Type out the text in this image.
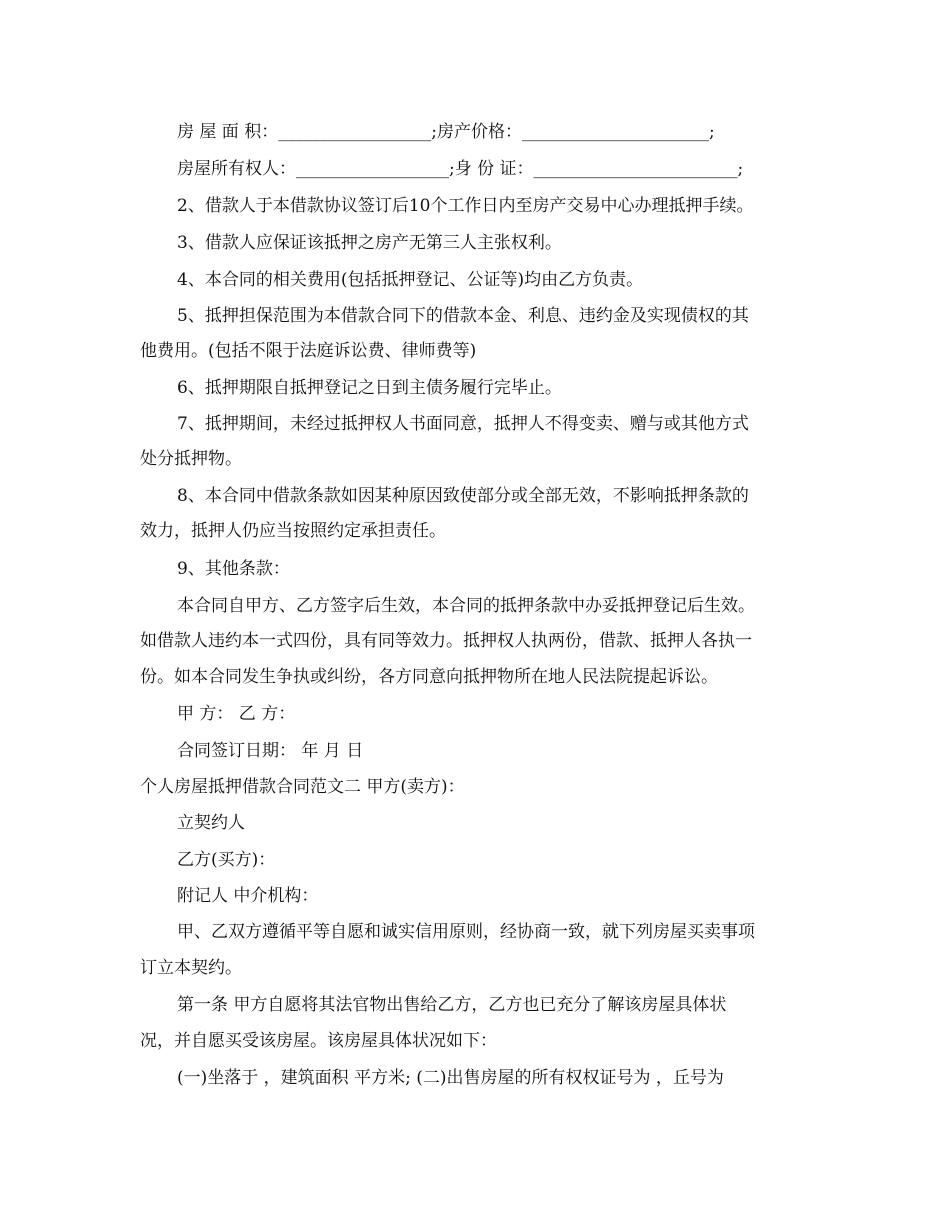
房 屋 面 积：__________________;房产价格：______________________;

房屋所有权人：__________________;身 份 证：________________________;

2、借款人于本借款协议签订后10个工作日内至房产交易中心办理抵押手续。

3、借款人应保证该抵押之房产无第三人主张权利。

4、本合同的相关费用(包括抵押登记、公证等)均由乙方负责。

5、抵押担保范围为本借款合同下的借款本金、利息、违约金及实现债权的其

他费用。(包括不限于法庭诉讼费、律师费等)

6、抵押期限自抵押登记之日到主债务履行完毕止。

7、抵押期间，未经过抵押权人书面同意，抵押人不得变卖、赠与或其他方式

处分抵押物。

8、本合同中借款条款如因某种原因致使部分或全部无效，不影响抵押条款的

效力，抵押人仍应当按照约定承担责任。

9、其他条款：

本合同自甲方、乙方签字后生效，本合同的抵押条款中办妥抵押登记后生效。

如借款人违约本一式四份，具有同等效力。抵押权人执两份，借款、抵押人各执一

份。如本合同发生争执或纠纷，各方同意向抵押物所在地人民法院提起诉讼。

甲 方： 乙 方：

合同签订日期： 年 月 日

个人房屋抵押借款合同范文二 甲方(卖方)：

立契约人

乙方(买方)：

附记人 中介机构：

甲、乙双方遵循平等自愿和诚实信用原则，经协商一致，就下列房屋买卖事项

订立本契约。

第一条 甲方自愿将其法官物出售给乙方，乙方也已充分了解该房屋具体状

况，并自愿买受该房屋。该房屋具体状况如下：

(一)坐落于 ，建筑面积 平方米; (二)出售房屋的所有权权证号为 ，丘号为
